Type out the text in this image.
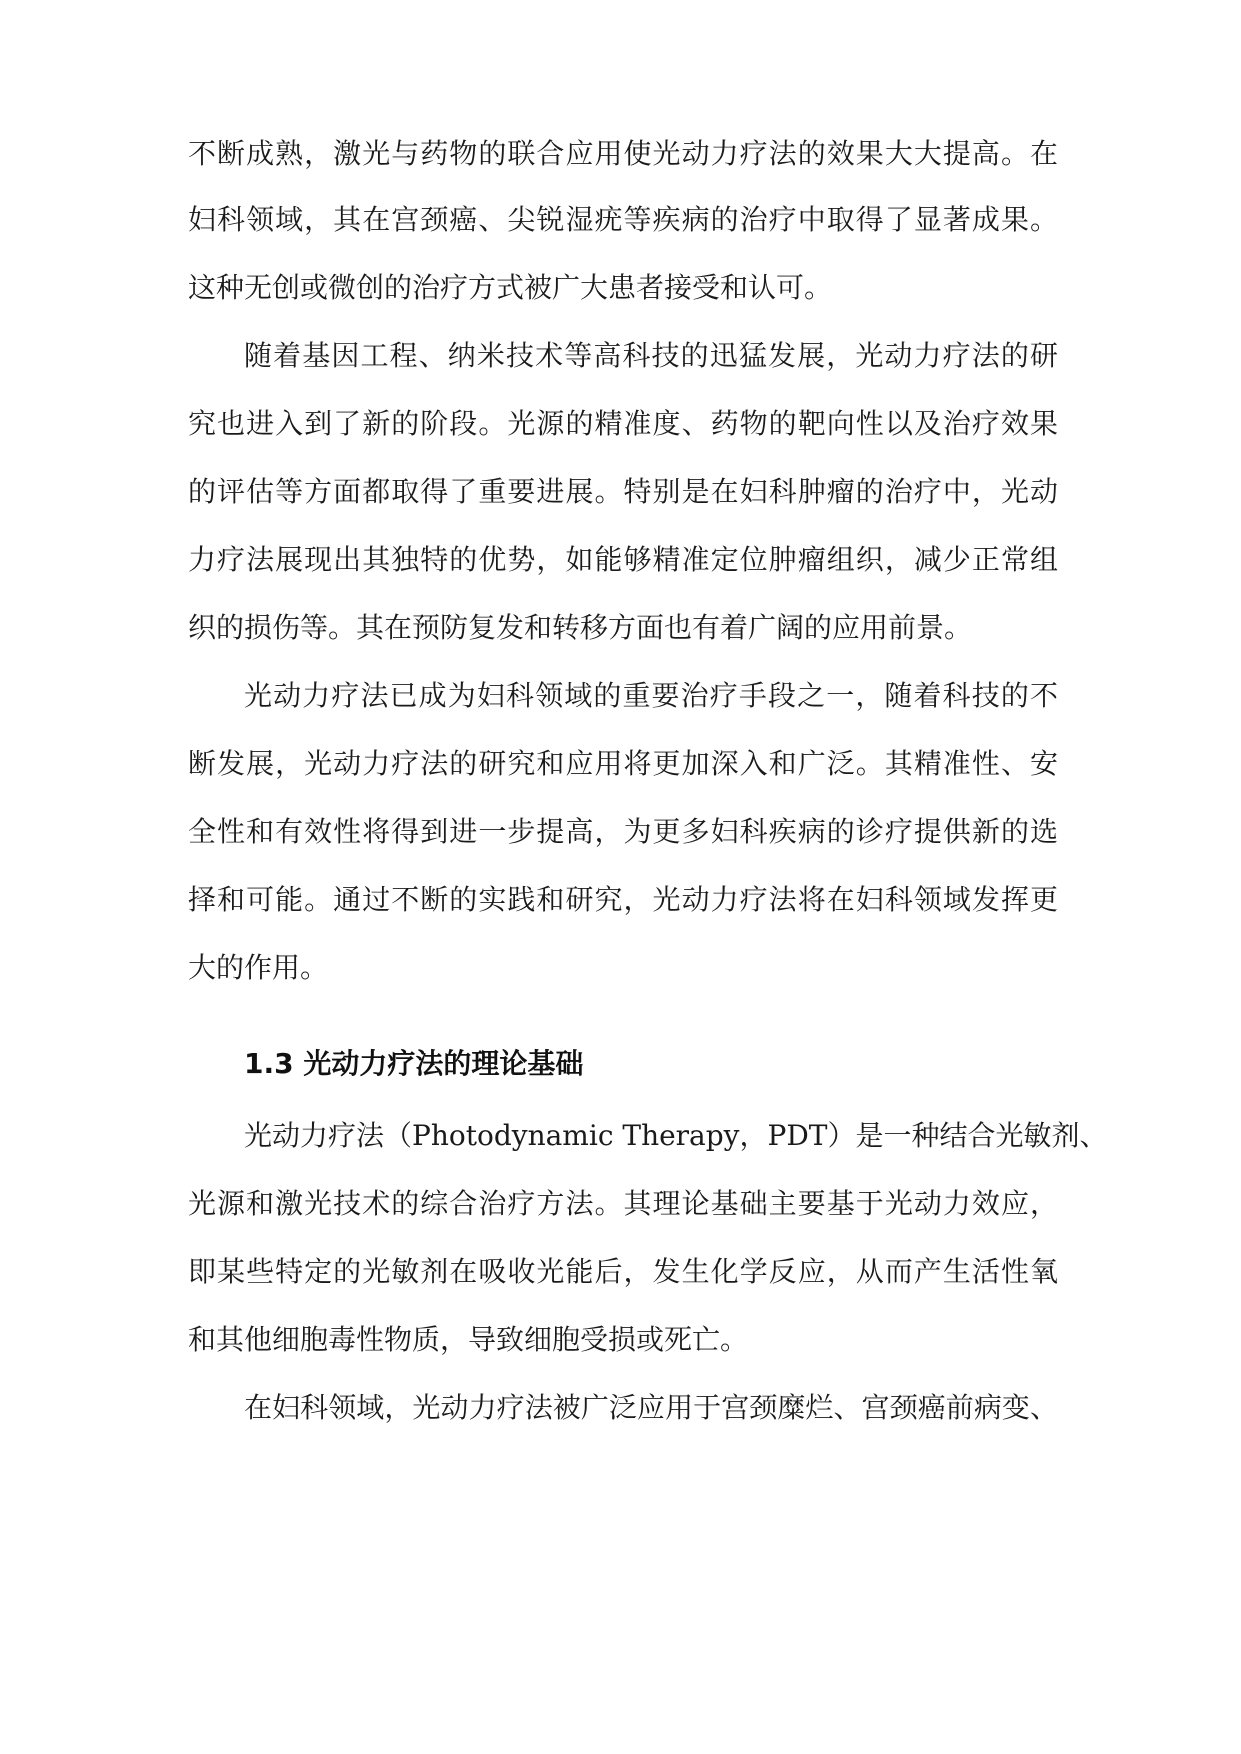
不断成熟，激光与药物的联合应用使光动力疗法的效果大大提高。在
妇科领域，其在宫颈癌、尖锐湿疣等疾病的治疗中取得了显著成果。
这种无创或微创的治疗方式被广大患者接受和认可。
随着基因工程、纳米技术等高科技的迅猛发展，光动力疗法的研
究也进入到了新的阶段。光源的精准度、药物的靶向性以及治疗效果
的评估等方面都取得了重要进展。特别是在妇科肿瘤的治疗中，光动
力疗法展现出其独特的优势，如能够精准定位肿瘤组织，减少正常组
织的损伤等。其在预防复发和转移方面也有着广阔的应用前景。
光动力疗法已成为妇科领域的重要治疗手段之一，随着科技的不
断发展，光动力疗法的研究和应用将更加深入和广泛。其精准性、安
全性和有效性将得到进一步提高，为更多妇科疾病的诊疗提供新的选
择和可能。通过不断的实践和研究，光动力疗法将在妇科领域发挥更
大的作用。
1.3 光动力疗法的理论基础
光动力疗法（Photodynamic Therapy，PDT）是一种结合光敏剂、
光源和激光技术的综合治疗方法。其理论基础主要基于光动力效应，
即某些特定的光敏剂在吸收光能后，发生化学反应，从而产生活性氧
和其他细胞毒性物质，导致细胞受损或死亡。
在妇科领域，光动力疗法被广泛应用于宫颈糜烂、宫颈癌前病变、
